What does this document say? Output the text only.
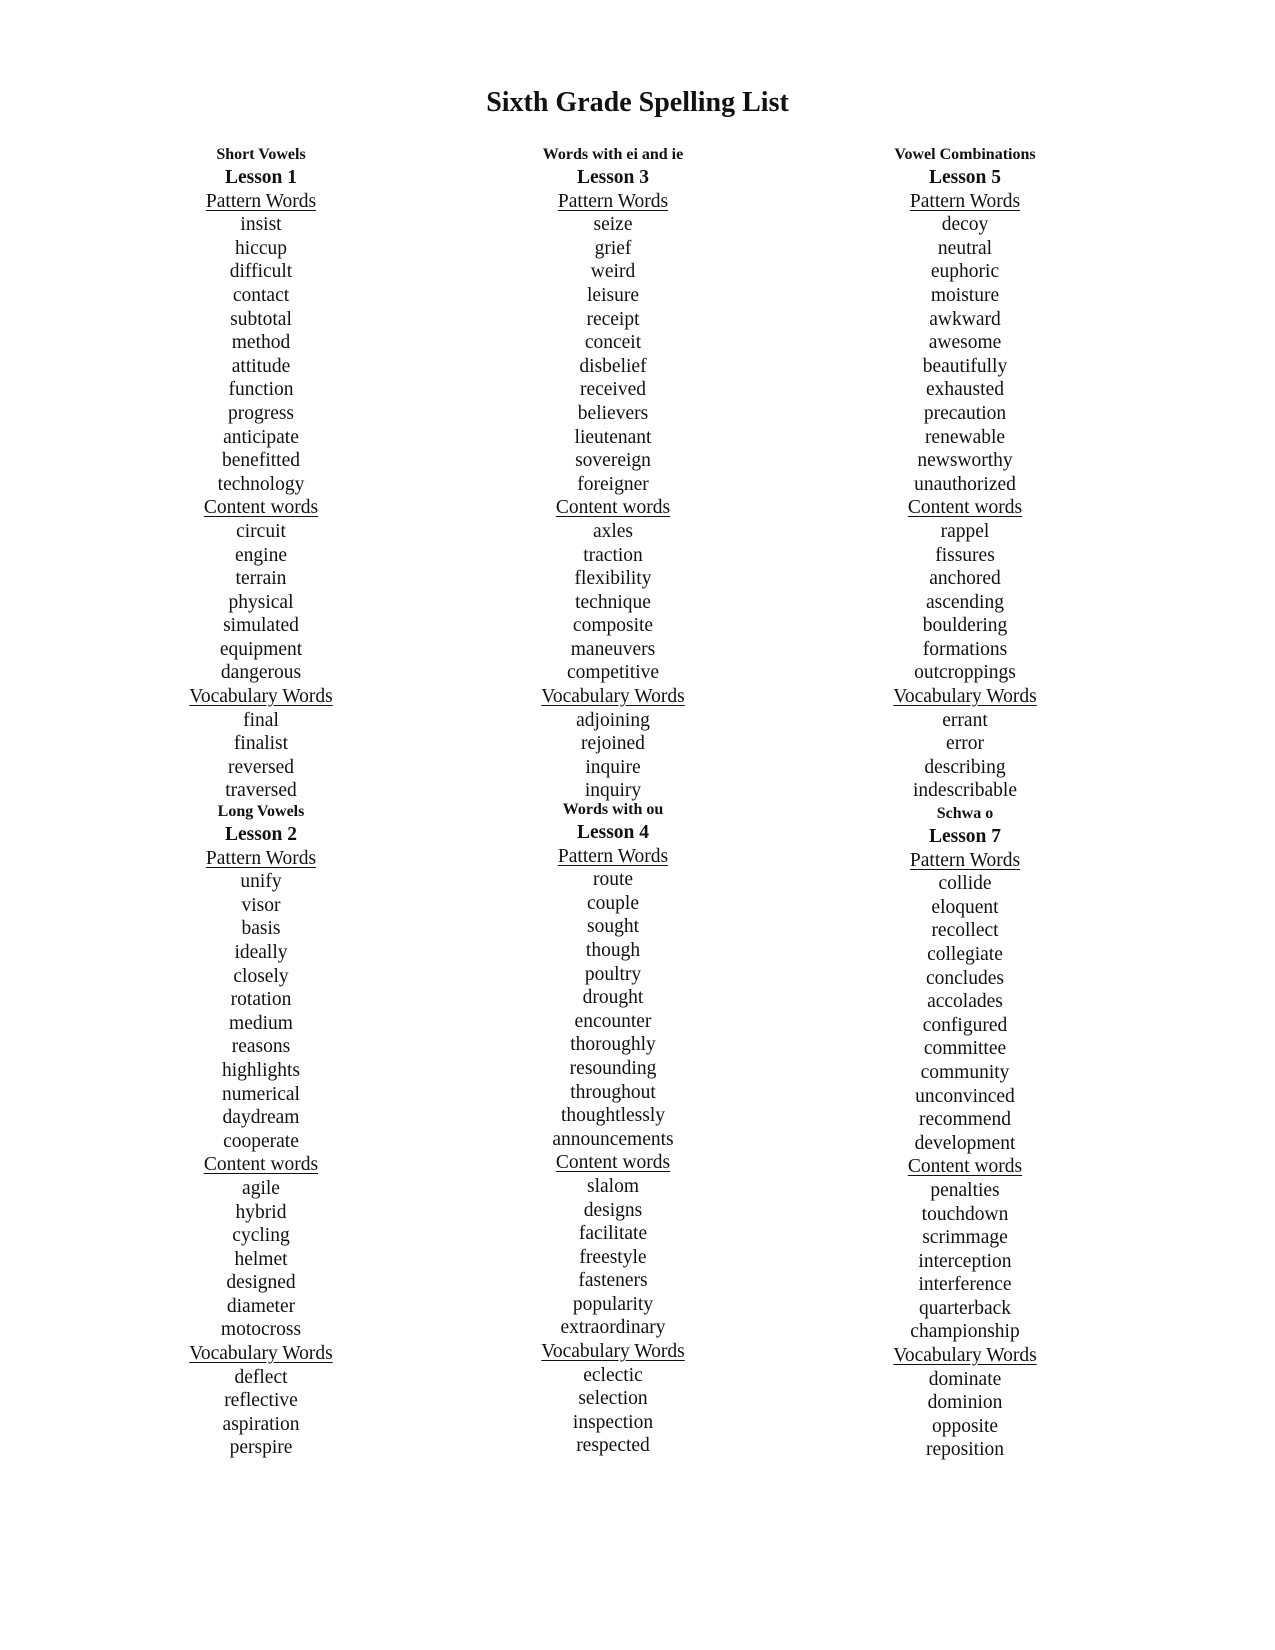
Sixth Grade Spelling List
Short Vowels
Lesson 1
Pattern Words
insist
hiccup
difficult
contact
subtotal
method
attitude
function
progress
anticipate
benefitted
technology
Content words
circuit
engine
terrain
physical
simulated
equipment
dangerous
Vocabulary Words
final
finalist
reversed
traversed
Words with ei and ie
Lesson 3
Pattern Words
seize
grief
weird
leisure
receipt
conceit
disbelief
received
believers
lieutenant
sovereign
foreigner
Content words
axles
traction
flexibility
technique
composite
maneuvers
competitive
Vocabulary Words
adjoining
rejoined
inquire
inquiry
Vowel Combinations
Lesson 5
Pattern Words
decoy
neutral
euphoric
moisture
awkward
awesome
beautifully
exhausted
precaution
renewable
newsworthy
unauthorized
Content words
rappel
fissures
anchored
ascending
bouldering
formations
outcroppings
Vocabulary Words
errant
error
describing
indescribable
Long Vowels
Lesson 2
Pattern Words
unify
visor
basis
ideally
closely
rotation
medium
reasons
highlights
numerical
daydream
cooperate
Content words
agile
hybrid
cycling
helmet
designed
diameter
motocross
Vocabulary Words
deflect
reflective
aspiration
perspire
Words with ou
Lesson 4
Pattern Words
route
couple
sought
though
poultry
drought
encounter
thoroughly
resounding
throughout
thoughtlessly
announcements
Content words
slalom
designs
facilitate
freestyle
fasteners
popularity
extraordinary
Vocabulary Words
eclectic
selection
inspection
respected
Schwa o
Lesson 7
Pattern Words
collide
eloquent
recollect
collegiate
concludes
accolades
configured
committee
community
unconvinced
recommend
development
Content words
penalties
touchdown
scrimmage
interception
interference
quarterback
championship
Vocabulary Words
dominate
dominion
opposite
reposition
